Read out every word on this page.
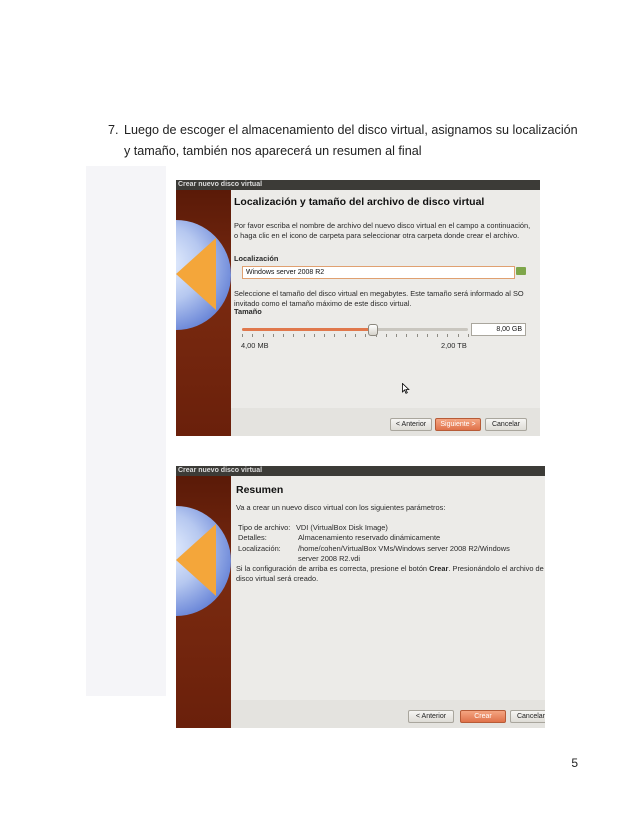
7. Luego de escoger el almacenamiento del disco virtual, asignamos su localización
y tamaño, también nos aparecerá un resumen al final
Crear nuevo disco virtual
Localización y tamaño del archivo de disco virtual
Por favor escriba el nombre de archivo del nuevo disco virtual en el campo a continuación, o haga clic en el icono de carpeta para seleccionar otra carpeta donde crear el archivo.
Localización
Windows server 2008 R2
Seleccione el tamaño del disco virtual en megabytes. Este tamaño será informado al SO invitado como el tamaño máximo de este disco virtual.
Tamaño
8,00 GB
4,00 MB	2,00 TB
< Anterior	Siguiente >	Cancelar
Crear nuevo disco virtual
Resumen
Va a crear un nuevo disco virtual con los siguientes parámetros:
Tipo de archivo: VDI (VirtualBox Disk Image)
Detalles:	Almacenamiento reservado dinámicamente
Localización: /home/cohen/VirtualBox VMs/Windows server 2008 R2/Windows
server 2008 R2.vdi
Si la configuración de arriba es correcta, presione el botón Crear. Presionándolo el archivo de disco virtual será creado.
< Anterior	Crear	Cancelar
5
